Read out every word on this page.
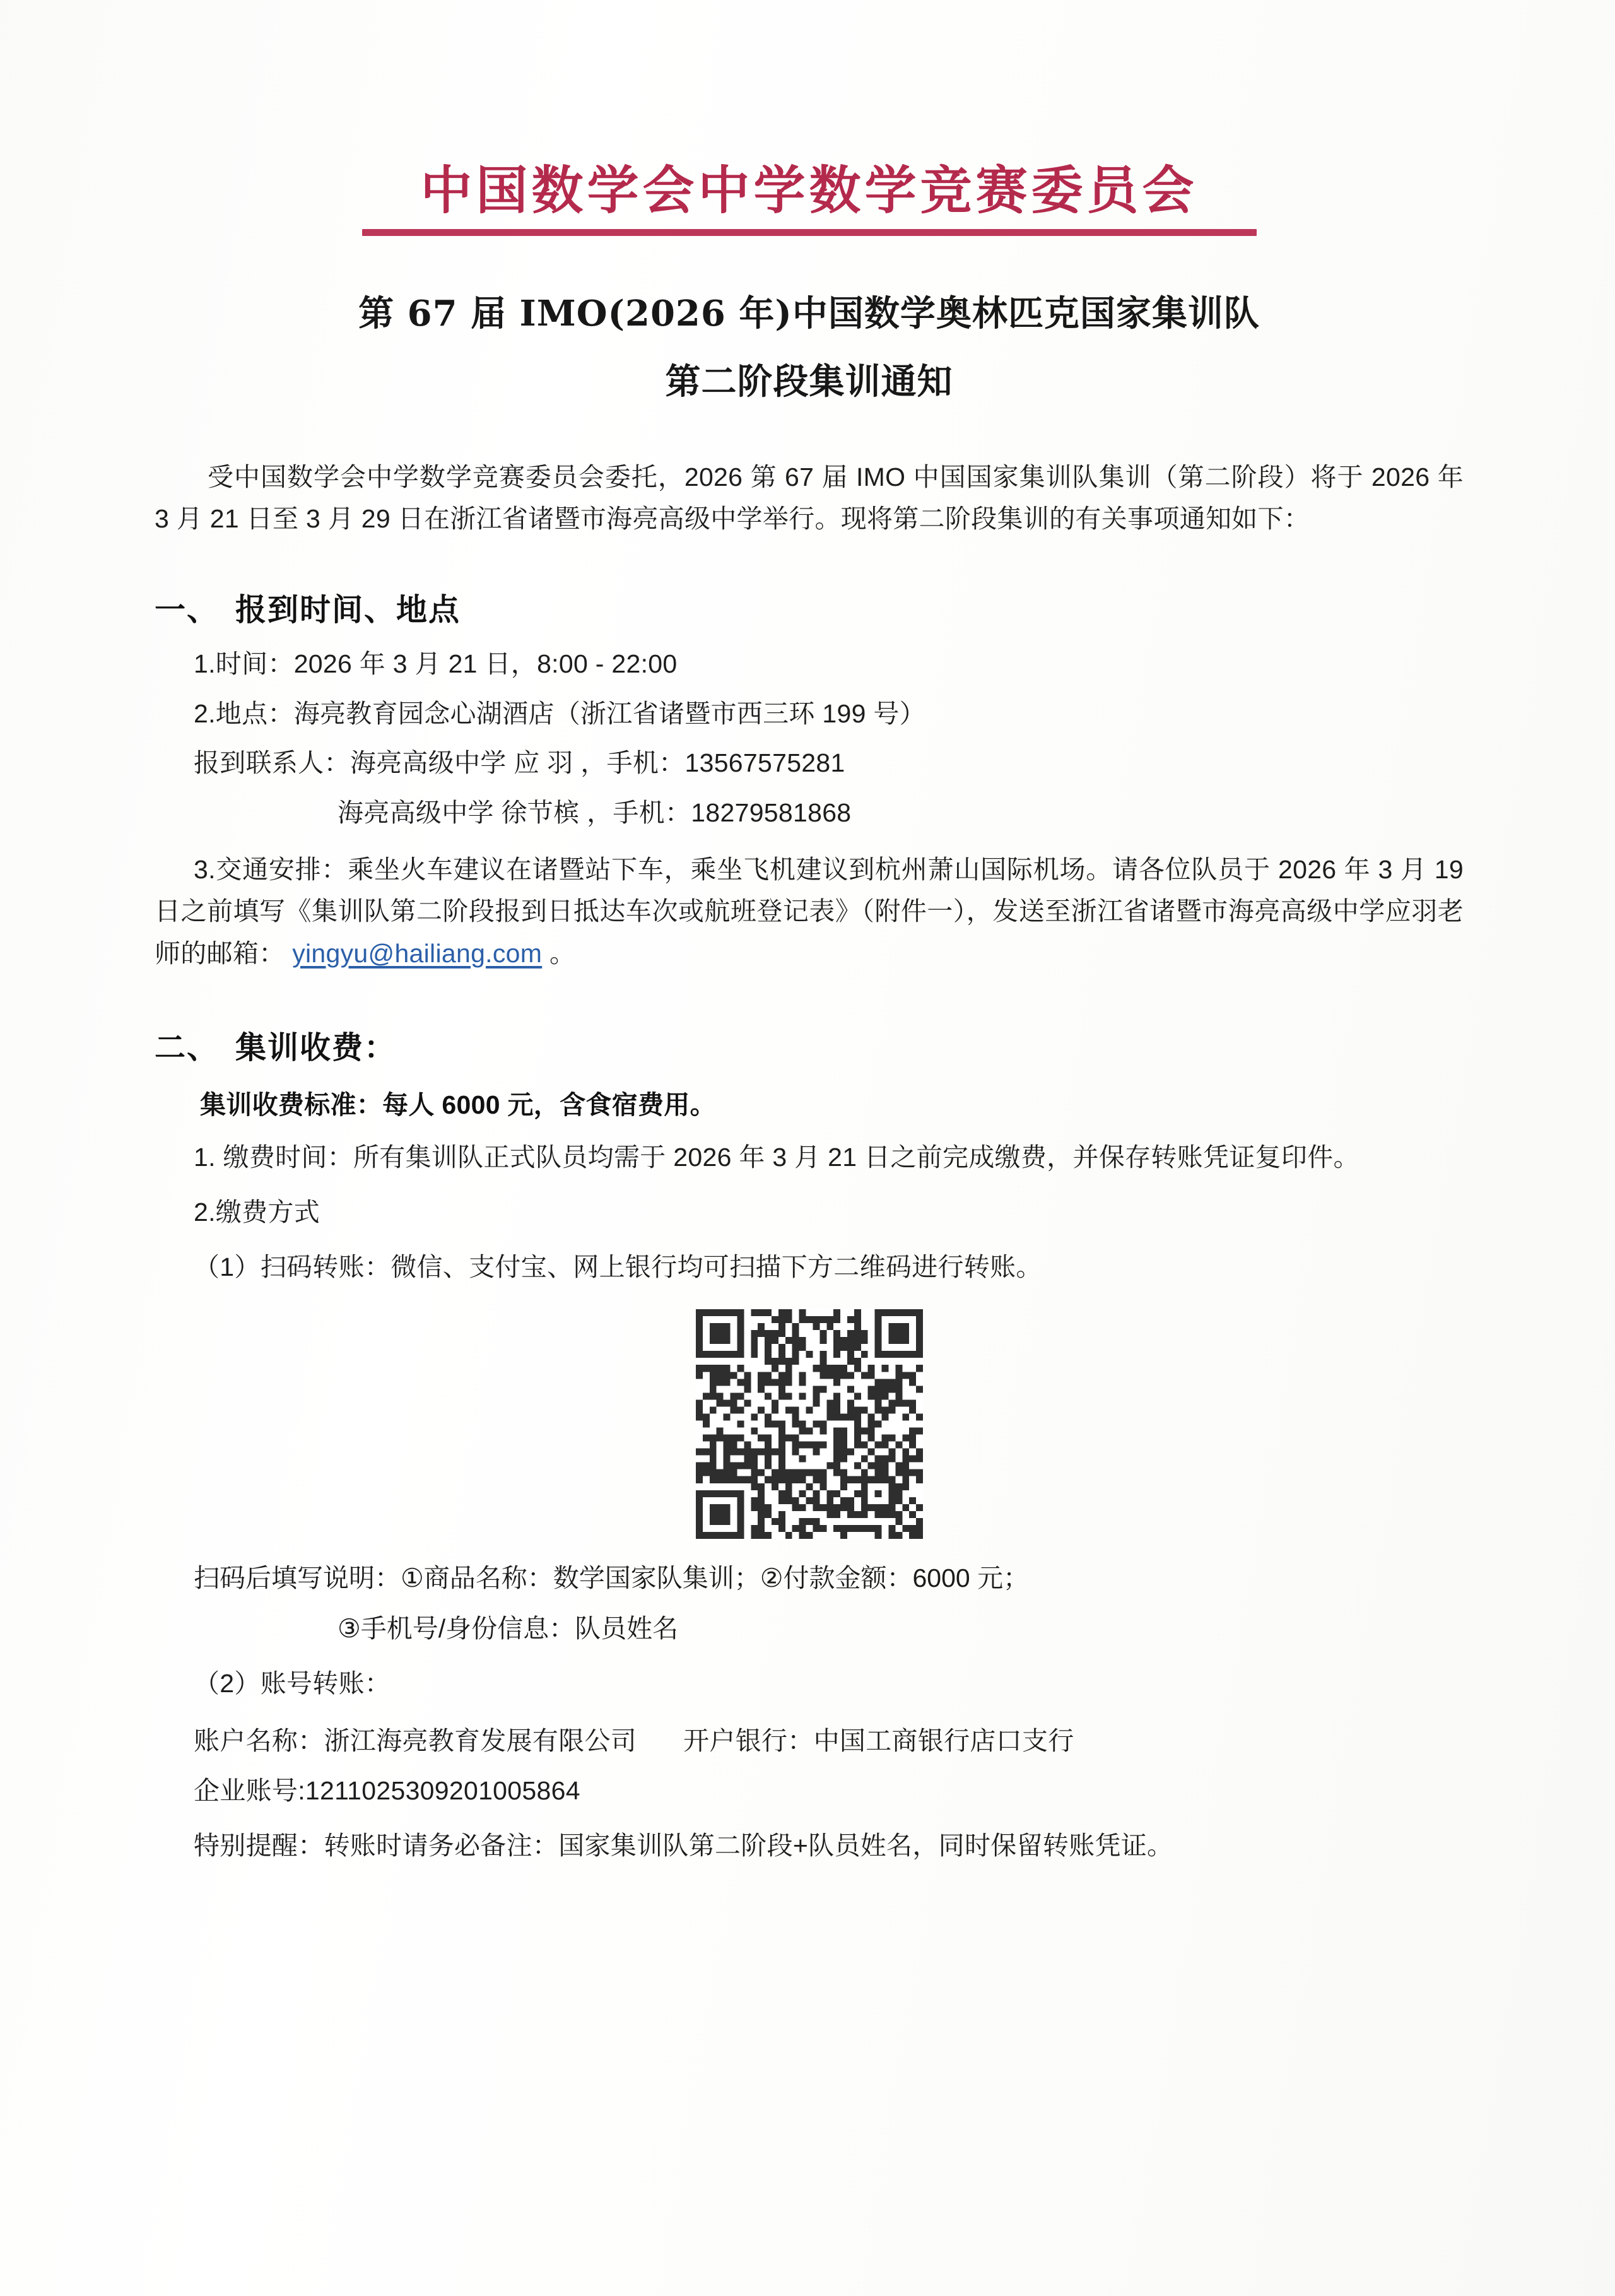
中国数学会中学数学竞赛委员会
第 67 届 IMO(2026 年)中国数学奥林匹克国家集训队
第二阶段集训通知
受中国数学会中学数学竞赛委员会委托，2026 第 67 届 IMO 中国国家集训队集训（第二阶段）将于 2026 年 3 月 21 日至 3 月 29 日在浙江省诸暨市海亮高级中学举行。现将第二阶段集训的有关事项通知如下：
一、 报到时间、地点
1.时间：2026 年 3 月 21 日，8:00 - 22:00
2.地点：海亮教育园念心湖酒店（浙江省诸暨市西三环 199 号）
报到联系人：海亮高级中学 应 羽 ，手机：13567575281
海亮高级中学 徐节槟 ，手机：18279581868
3.交通安排：乘坐火车建议在诸暨站下车，乘坐飞机建议到杭州萧山国际机场。请各位队员于 2026 年 3 月 19 日之前填写《集训队第二阶段报到日抵达车次或航班登记表》（附件一），发送至浙江省诸暨市海亮高级中学应羽老师的邮箱： yingyu@hailiang.com 。
二、 集训收费：
集训收费标准：每人 6000 元，含食宿费用。
1. 缴费时间：所有集训队正式队员均需于 2026 年 3 月 21 日之前完成缴费，并保存转账凭证复印件。
2.缴费方式
（1）扫码转账：微信、支付宝、网上银行均可扫描下方二维码进行转账。
扫码后填写说明：①商品名称：数学国家队集训；②付款金额：6000 元；
③手机号/身份信息：队员姓名
（2）账号转账：
账户名称： 浙江海亮教育发展有限公司 开户银行： 中国工商银行店口支行
企业账号:1211025309201005864
特别提醒：转账时请务必备注：国家集训队第二阶段+队员姓名，同时保留转账凭证。
